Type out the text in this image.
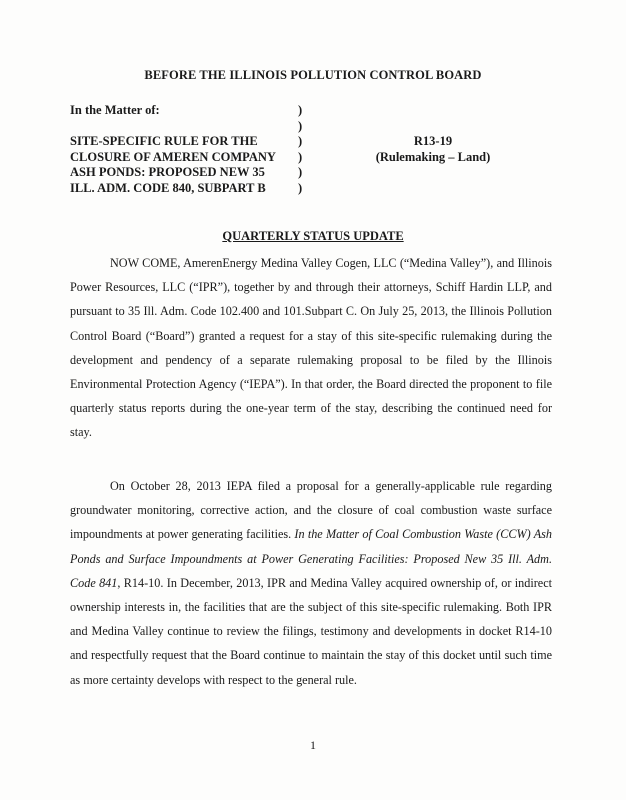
BEFORE THE ILLINOIS POLLUTION CONTROL BOARD
In the Matter of:
SITE-SPECIFIC RULE FOR THE
CLOSURE OF AMEREN COMPANY
ASH PONDS: PROPOSED NEW 35
ILL. ADM. CODE 840, SUBPART B
)
)
)
)
)
)
R13-19
(Rulemaking – Land)
QUARTERLY STATUS UPDATE
NOW COME, AmerenEnergy Medina Valley Cogen, LLC (“Medina Valley”), and Illinois Power Resources, LLC (“IPR”), together by and through their attorneys, Schiff Hardin LLP, and pursuant to 35 Ill. Adm. Code 102.400 and 101.Subpart C. On July 25, 2013, the Illinois Pollution Control Board (“Board”) granted a request for a stay of this site-specific rulemaking during the development and pendency of a separate rulemaking proposal to be filed by the Illinois Environmental Protection Agency (“IEPA”). In that order, the Board directed the proponent to file quarterly status reports during the one-year term of the stay, describing the continued need for stay.
On October 28, 2013 IEPA filed a proposal for a generally-applicable rule regarding groundwater monitoring, corrective action, and the closure of coal combustion waste surface impoundments at power generating facilities. In the Matter of Coal Combustion Waste (CCW) Ash Ponds and Surface Impoundments at Power Generating Facilities: Proposed New 35 Ill. Adm. Code 841, R14-10. In December, 2013, IPR and Medina Valley acquired ownership of, or indirect ownership interests in, the facilities that are the subject of this site-specific rulemaking. Both IPR and Medina Valley continue to review the filings, testimony and developments in docket R14-10 and respectfully request that the Board continue to maintain the stay of this docket until such time as more certainty develops with respect to the general rule.
1
